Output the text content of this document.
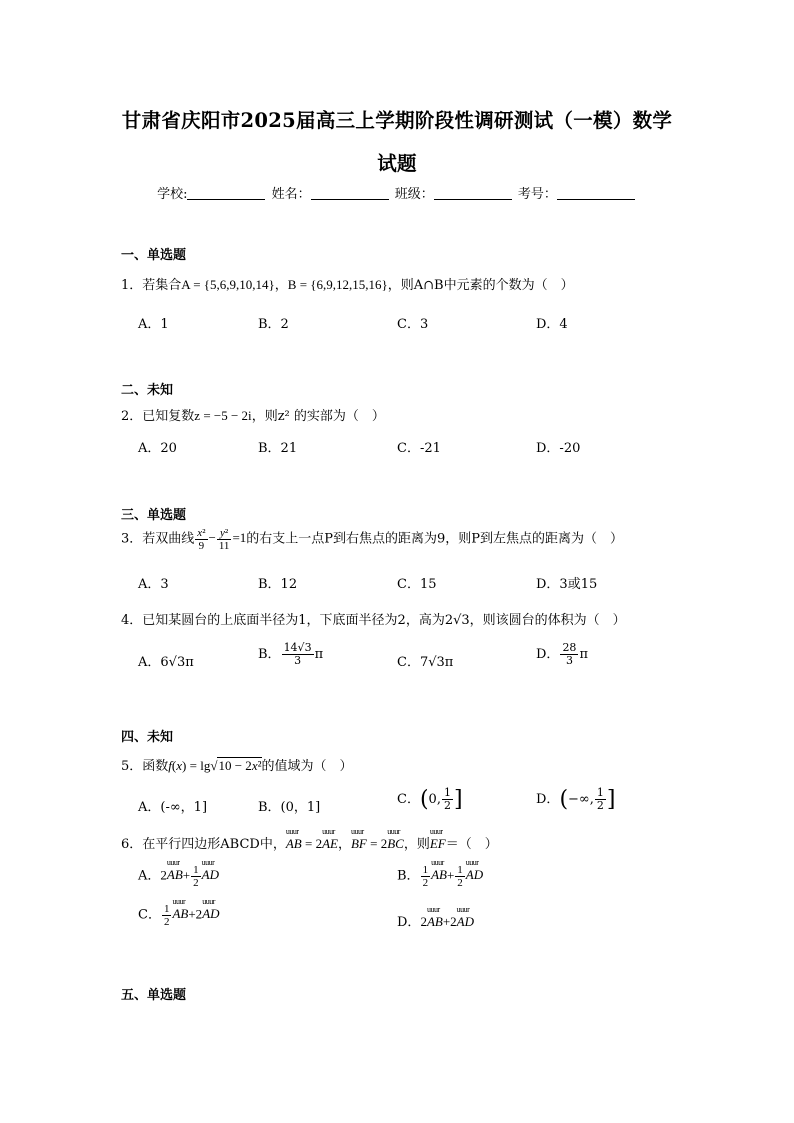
甘肃省庆阳市2025届高三上学期阶段性调研测试（一模）数学
试题
学校:	姓名：	班级：	考号：
一、单选题
1．若集合A = {5,6,9,10,14}，B = {6,9,12,15,16}，则A∩B中元素的个数为（　）
A．1	B．2	C．3	D．4
二、未知
2．已知复数z = −5 − 2i，则z² 的实部为（　）
A．20	B．21	C．-21	D．-20
三、单选题
3．若双曲线 $\frac{\text{x²}}{9} - \frac{\text{y²}}{11} =1$的右支上一点P到右焦点的距离为9，则P到左焦点的距离为（　）
A．3	B．12	C．15	D．3或15
4．已知某圆台的上底面半径为1，下底面半径为2，高为2√3，则该圆台的体积为（　）
A．6√3π
B． $\frac{14√3}{3}$ π
C．7√3π
D． $\frac{28}{3}$ π
四、未知
5．函数f(x) = lg√10 − 2x²的值域为（　）
A．(-∞，1]	B．(0，1]
C．(0, $\frac{1}{2}$ ]	D．(−∞, $\frac{1}{2}$ ]
6．在平行四边形ABCD中，uuur AB = 2uuur AE，uuur BF = 2uuur BC，则uuur EF＝（　）
A．2uuur $AB+ \frac{1}{2}$ uuur AD	B． $\frac{1}{2}$ uuur $AB+ \frac{1}{2}$ uuur AD
C． $\frac{1}{2}$ uuur AB+2uuur AD
D．2uuur AB+2uuur AD
五、单选题
